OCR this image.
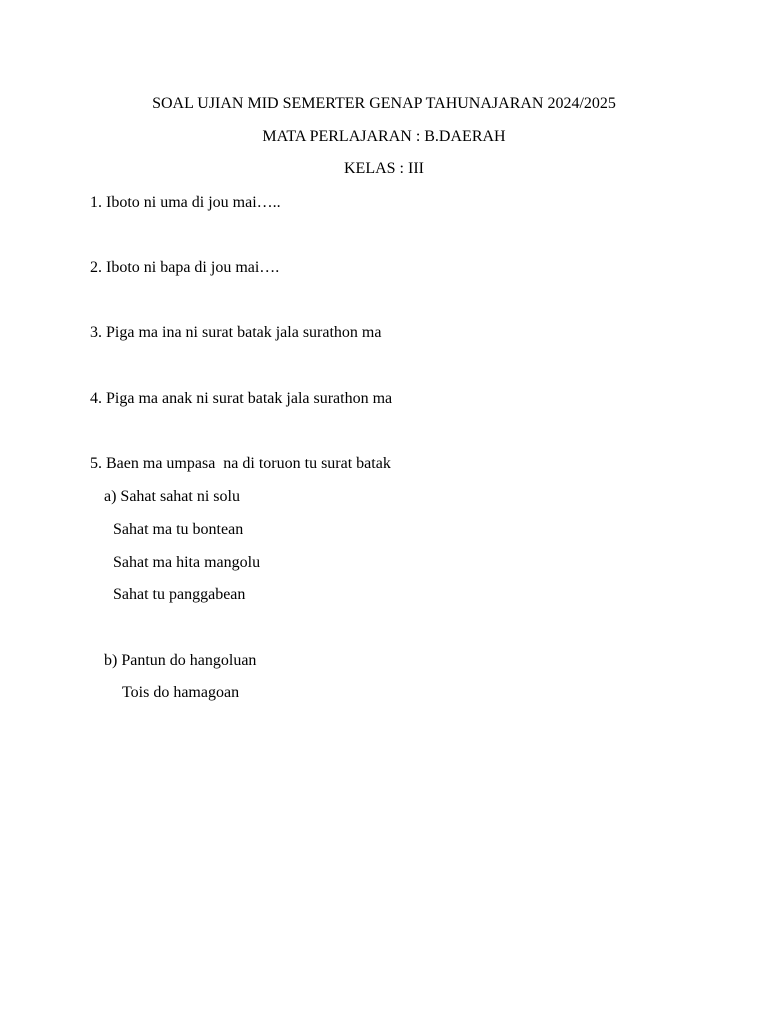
SOAL UJIAN MID SEMERTER GENAP TAHUNAJARAN 2024/2025
MATA PERLAJARAN : B.DAERAH
KELAS : III
1. Iboto ni uma di jou mai…..
2. Iboto ni bapa di jou mai….
3. Piga ma ina ni surat batak jala surathon ma
4. Piga ma anak ni surat batak jala surathon ma
5. Baen ma umpasa  na di toruon tu surat batak
a) Sahat sahat ni solu
Sahat ma tu bontean
Sahat ma hita mangolu
Sahat tu panggabean
b) Pantun do hangoluan
Tois do hamagoan
